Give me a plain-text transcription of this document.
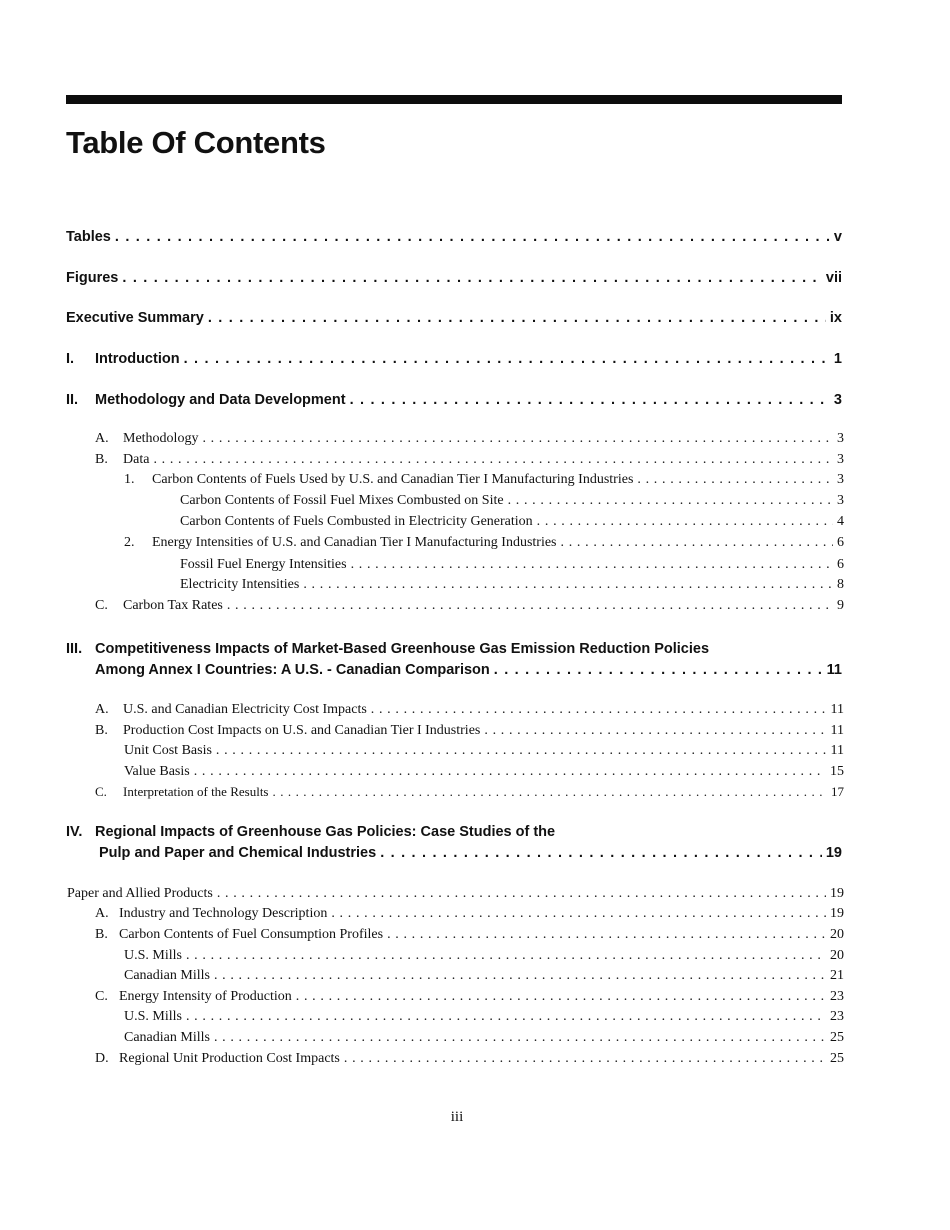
Table Of Contents
Tables . . .	v
Figures . . .	vii
Executive Summary . . .	ix
I. Introduction . . .	1
II. Methodology and Data Development . . .	3
A. Methodology . . .	3
B. Data . . .	3
1. Carbon Contents of Fuels Used by U.S. and Canadian Tier I Manufacturing Industries . . .	3
Carbon Contents of Fossil Fuel Mixes Combusted on Site . . .	3
Carbon Contents of Fuels Combusted in Electricity Generation . . .	4
2. Energy Intensities of U.S. and Canadian Tier I Manufacturing Industries . . .	6
Fossil Fuel Energy Intensities . . .	6
Electricity Intensities . . .	8
C. Carbon Tax Rates . . .	9
III. Competitiveness Impacts of Market-Based Greenhouse Gas Emission Reduction Policies
Among Annex I Countries: A U.S. - Canadian Comparison . . .	11
A. U.S. and Canadian Electricity Cost Impacts . . .	11
B. Production Cost Impacts on U.S. and Canadian Tier I Industries . . .	11
Unit Cost Basis . . .	11
Value Basis . . .	15
C. Interpretation of the Results . . .	17
IV. Regional Impacts of Greenhouse Gas Policies: Case Studies of the
Pulp and Paper and Chemical Industries . . .	19
Paper and Allied Products . . .	19
A. Industry and Technology Description . . .	19
B. Carbon Contents of Fuel Consumption Profiles . . .	20
U.S. Mills . . .	20
Canadian Mills . . .	21
C. Energy Intensity of Production . . .	23
U.S. Mills . . .	23
Canadian Mills . . .	25
D. Regional Unit Production Cost Impacts . . .	25
iii
